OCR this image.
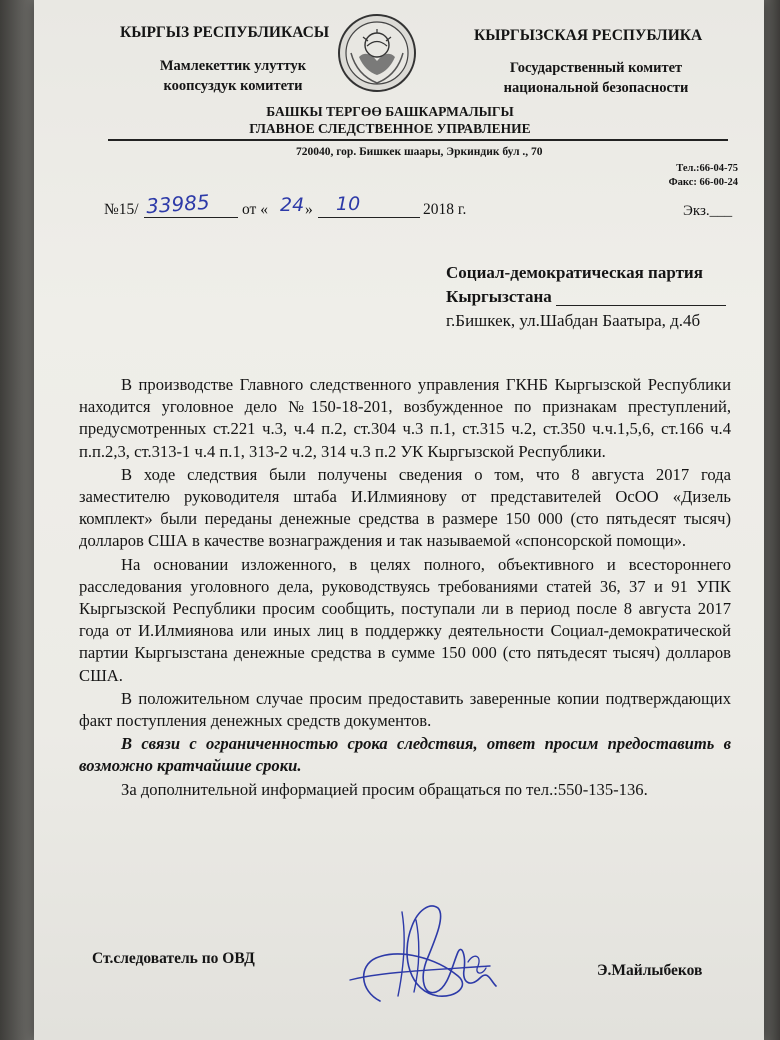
КЫРГЫЗ РЕСПУБЛИКАСЫ
Мамлекеттик улуттук
коопсуздук комитети
КЫРГЫЗСКАЯ РЕСПУБЛИКА
Государственный комитет
национальной безопасности
БАШКЫ ТЕРГӨӨ БАШКАРМАЛЫГЫ
ГЛАВНОЕ СЛЕДСТВЕННОЕ УПРАВЛЕНИЕ
720040, гор. Бишкек шаары, Эркиндик бул ., 70
Тел.:66-04-75
Факс: 66-00-24
№15/ 33985 от « 24 » 10	2018 г.	Экз.___
Социал-демократическая партия
Кыргызстана
г.Бишкек, ул.Шабдан Баатыра, д.4б

В производстве Главного следственного управления ГКНБ Кыргызской Республики находится уголовное дело №150-18-201, возбужденное по признакам преступлений, предусмотренных ст.221 ч.3, ч.4 п.2, ст.304 ч.3 п.1, ст.315 ч.2, ст.350 ч.ч.1,5,6, ст.166 ч.4 п.п.2,3, ст.313-1 ч.4 п.1, 313-2 ч.2, 314 ч.3 п.2 УК Кыргызской Республики.

В ходе следствия были получены сведения о том, что 8 августа 2017 года заместителю руководителя штаба И.Илмиянову от представителей ОсОО «Дизель комплект» были переданы денежные средства в размере 150 000 (сто пятьдесят тысяч) долларов США в качестве вознаграждения и так называемой «спонсорской помощи».

На основании изложенного, в целях полного, объективного и всестороннего расследования уголовного дела, руководствуясь требованиями статей 36, 37 и 91 УПК Кыргызской Республики просим сообщить, поступали ли в период после 8 августа 2017 года от И.Илмиянова или иных лиц в поддержку деятельности Социал-демократической партии Кыргызстана денежные средства в сумме 150 000 (сто пятьдесят тысяч) долларов США.

В положительном случае просим предоставить заверенные копии подтверждающих факт поступления денежных средств документов.

В связи с ограниченностью срока следствия, ответ просим предоставить в возможно кратчайшие сроки.

За дополнительной информацией просим обращаться по тел.:550-135-136.

Ст.следователь по ОВД
Э.Майлыбеков
